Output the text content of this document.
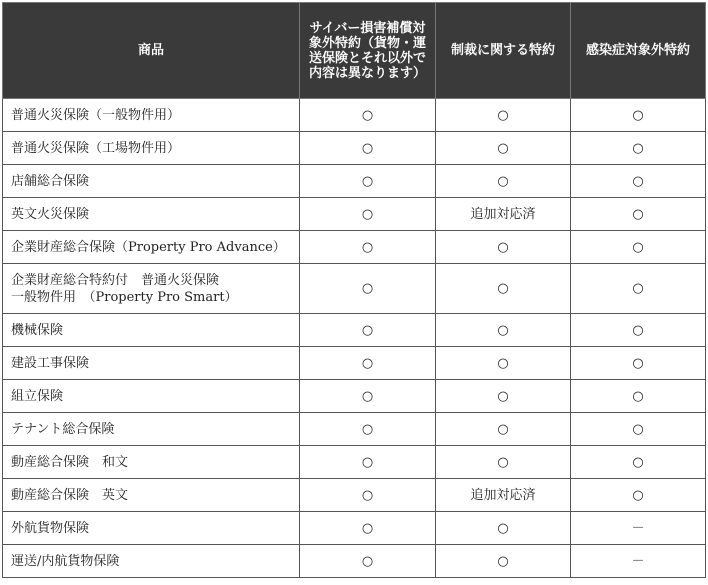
商品	サイバー損害補償対象外特約（貨物・運送保険とそれ以外で内容は異なります）	制裁に関する特約	感染症対象外特約

普通火災保険（一般物件用）	○	○	○

普通火災保険（工場物件用）	○	○	○

店舗総合保険	○	○	○

英文火災保険	○	追加対応済	○

企業財産総合保険（Property Pro Advance）	○	○	○

企業財産総合特約付　普通火災保険
一般物件用　（Property Pro Smart）	○	○	○

機械保険	○	○	○

建設工事保険	○	○	○

組立保険	○	○	○

テナント総合保険	○	○	○

動産総合保険　和文	○	○	○

動産総合保険　英文	○	追加対応済	○

外航貨物保険	○	○	－

運送/内航貨物保険	○	○	－
